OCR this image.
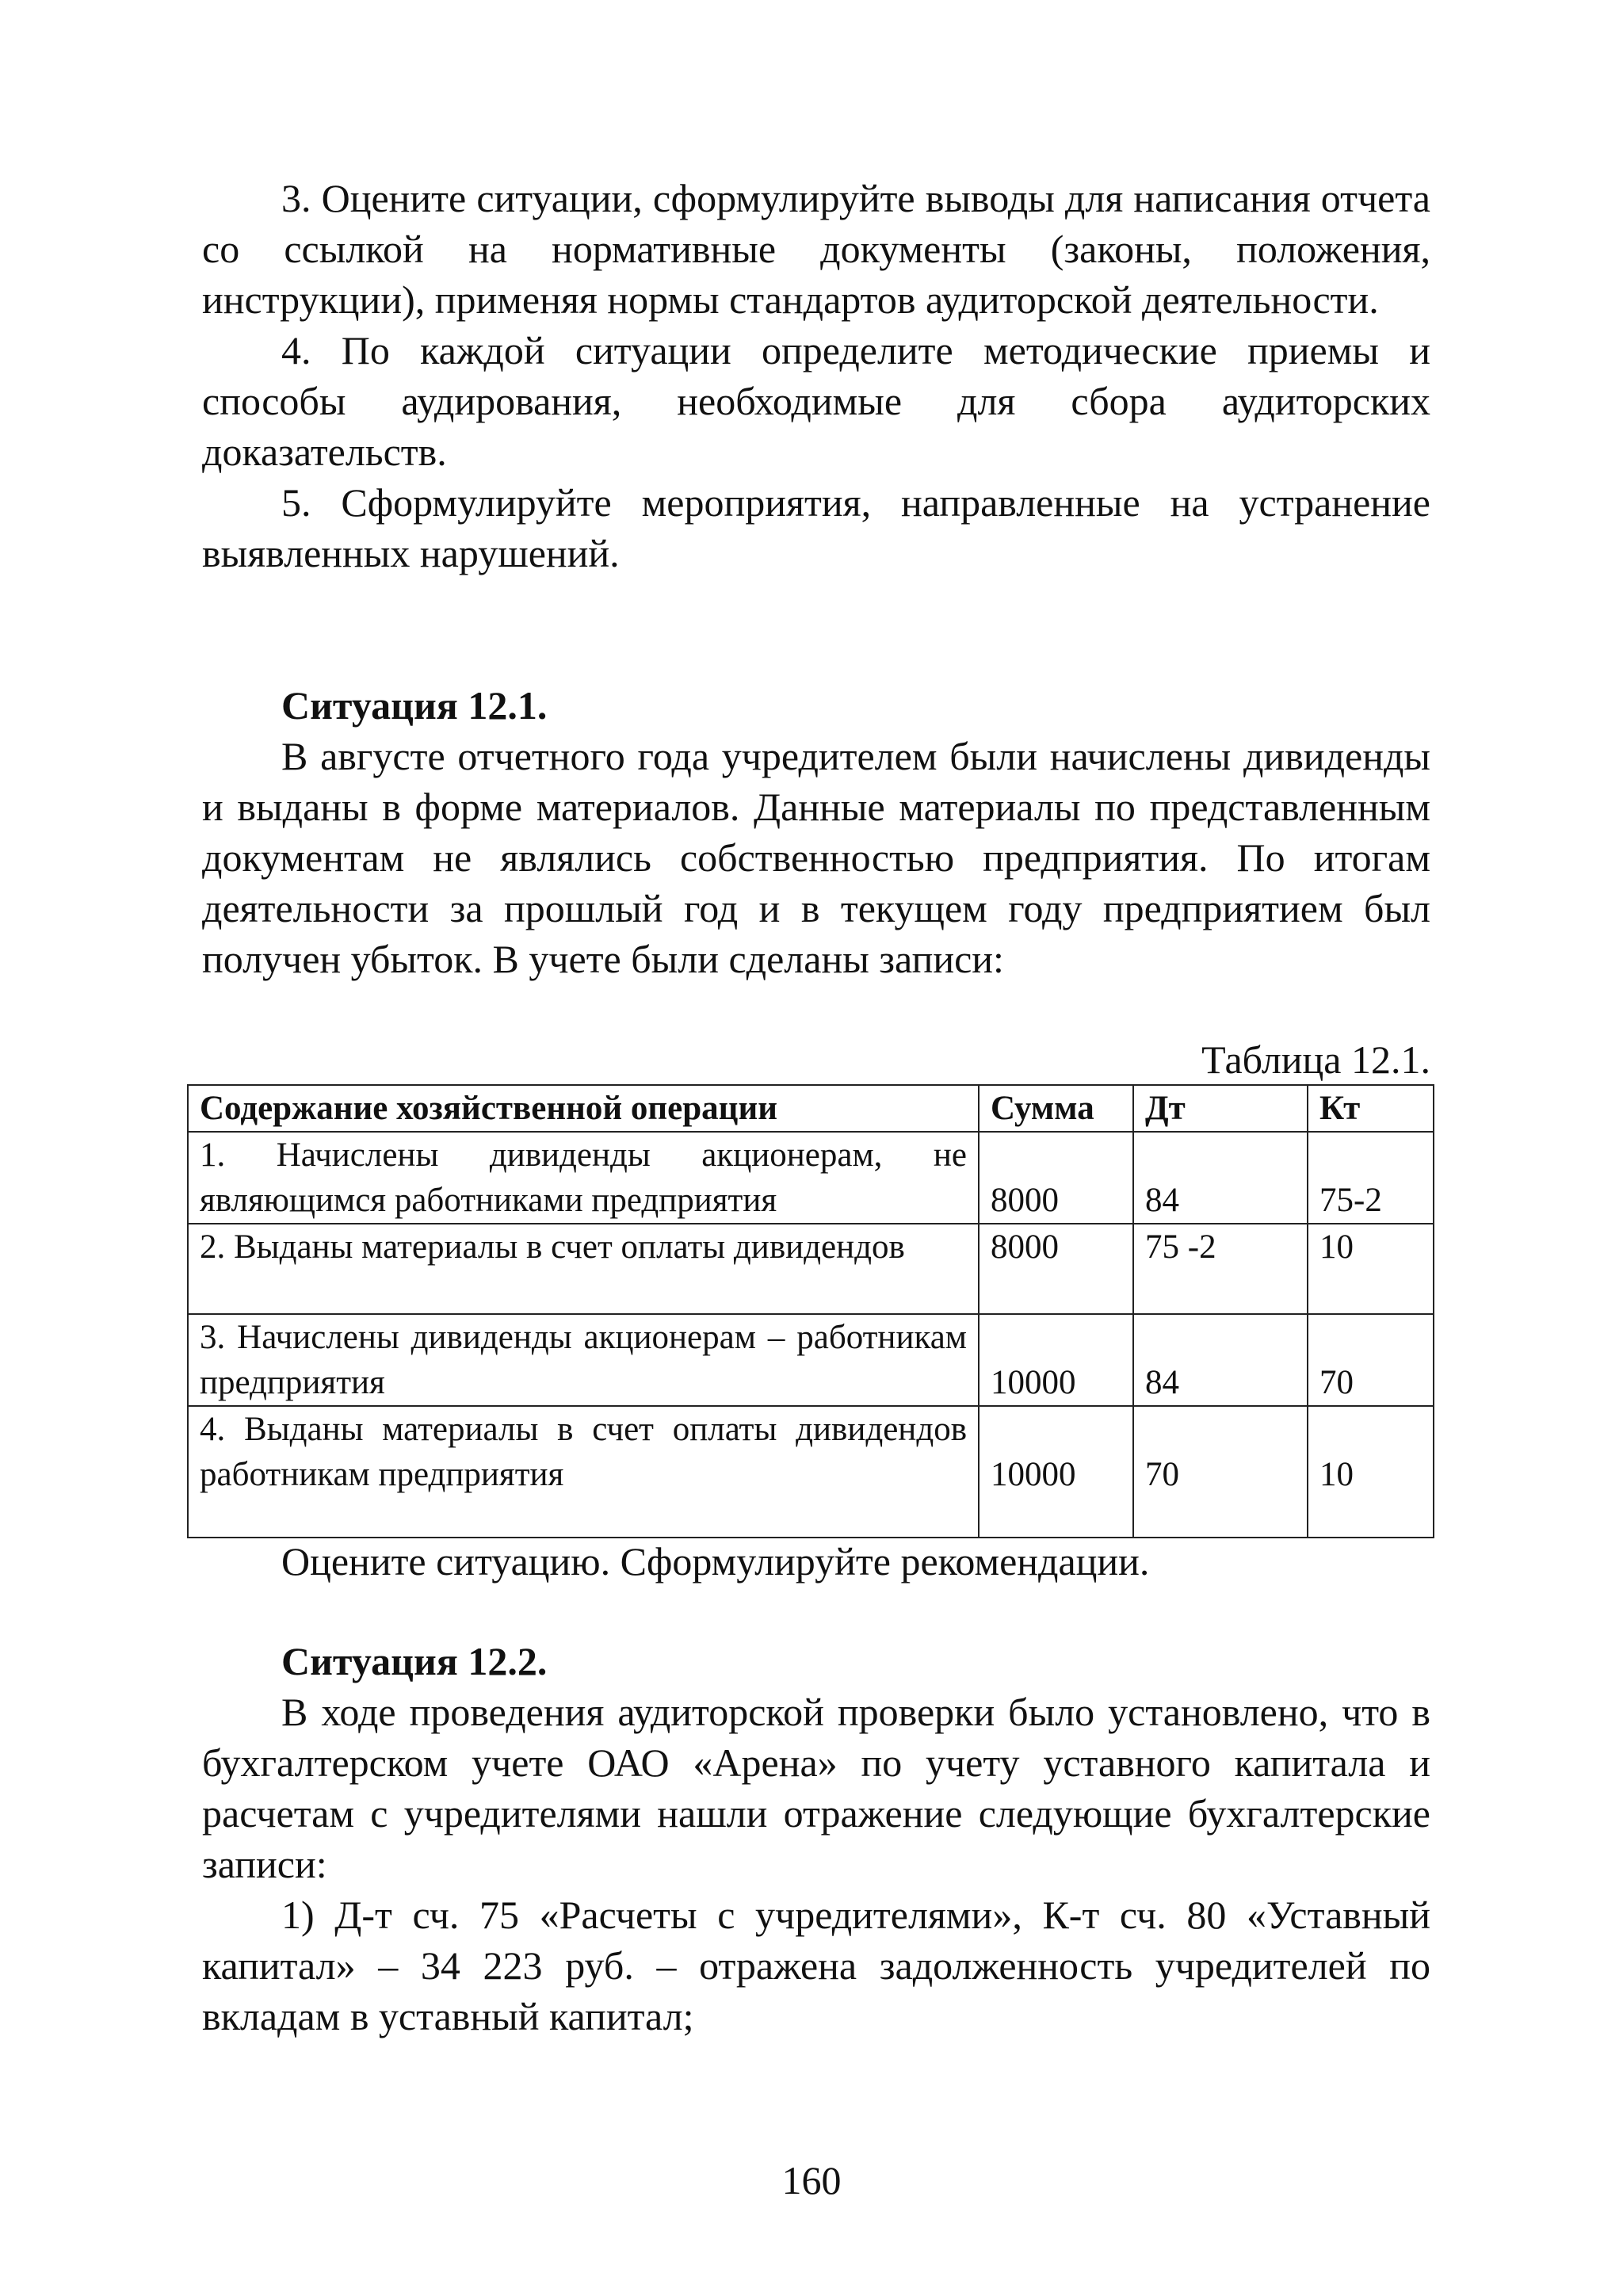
3. Оцените ситуации, сформулируйте выводы для написания отчета со ссылкой на нормативные документы (законы, положения, инструкции), применяя нормы стандартов аудиторской деятельности.

4. По каждой ситуации определите методические приемы и способы аудирования, необходимые для сбора аудиторских доказательств.

5. Сформулируйте мероприятия, направленные на устранение выявленных нарушений.

Ситуация 12.1.

В августе отчетного года учредителем были начислены дивиденды и выданы в форме материалов. Данные материалы по представленным документам не являлись собственностью предприятия. По итогам деятельности за прошлый год и в текущем году предприятием был получен убыток. В учете были сделаны записи:

Таблица 12.1.
Содержание хозяйственной операции	Сумма	Дт	Кт
1. Начислены дивиденды акционерам, не являющимся работниками предприятия	8000	84	75-2
2. Выданы материалы в счет оплаты дивидендов	8000	75 -2	10
3. Начислены дивиденды акционерам – работникам предприятия	10000	84	70
4. Выданы материалы в счет оплаты дивидендов работникам предприятия	10000	70	10
Оцените ситуацию. Сформулируйте рекомендации.

Ситуация 12.2.

В ходе проведения аудиторской проверки было установлено, что в бухгалтерском учете ОАО «Арена» по учету уставного капитала и расчетам с учредителями нашли отражение следующие бухгалтерские записи:

1) Д-т сч. 75 «Расчеты с учредителями», К-т сч. 80 «Уставный капитал» – 34 223 руб. – отражена задолженность учредителей по вкладам в уставный капитал;

160
